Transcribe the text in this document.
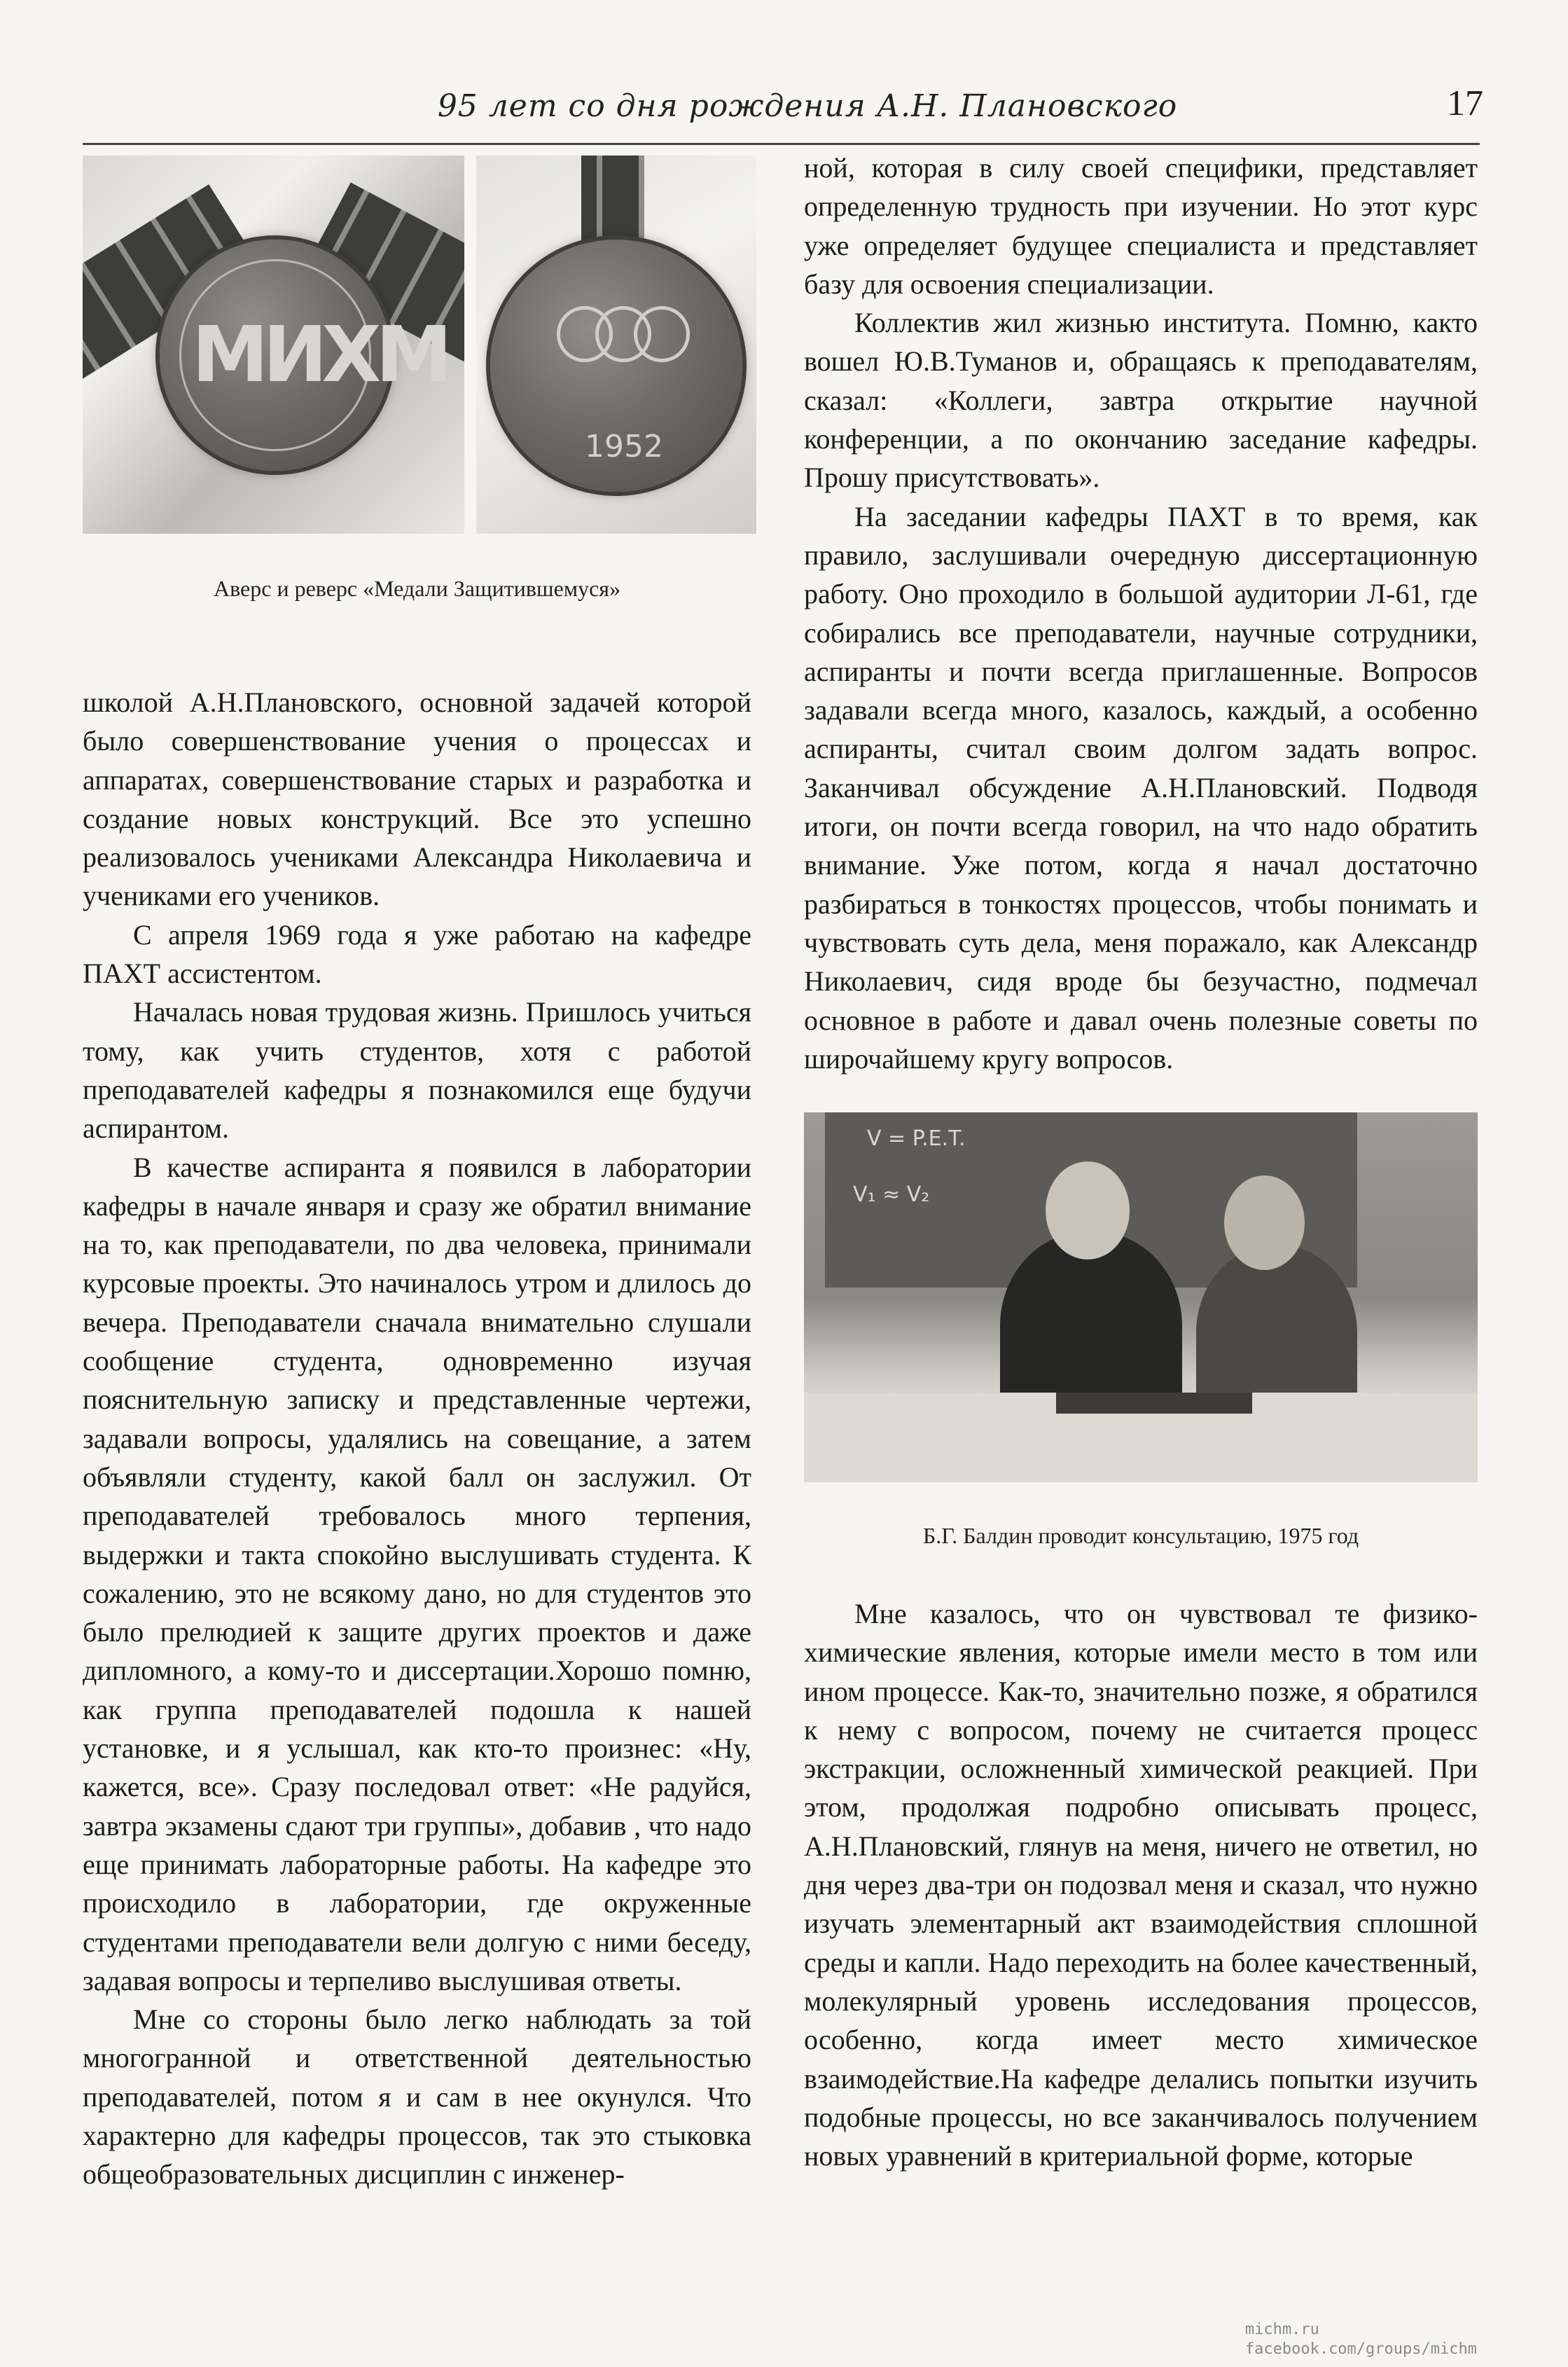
95 лет со дня рождения А.Н. Плановского	17
МИХМ
1952
Аверс и реверс «Медали Защитившемуся»

школой А.Н.Плановского, основной задачей которой было совершенствование учения о процессах и аппаратах, совершенствование старых и разработка и создание новых конструкций. Все это успешно реализовалось учениками Александра Николаевича и учениками его учеников.

С апреля 1969 года я уже работаю на кафедре ПАХТ ассистентом.

Началась новая трудовая жизнь. Пришлось учиться тому, как учить студентов, хотя с работой преподавателей кафедры я познакомился еще будучи аспирантом.

В качестве аспиранта я появился в лаборатории кафедры в начале января и сразу же обратил внимание на то, как преподаватели, по два человека, принимали курсовые проекты. Это начиналось утром и длилось до вечера. Преподаватели сначала внимательно слушали сообщение студента, одновременно изучая пояснительную записку и представленные чертежи, задавали вопросы, удалялись на совещание, а затем объявляли студенту, какой балл он заслужил. От преподавателей требовалось много терпения, выдержки и такта спокойно выслушивать студента. К сожалению, это не всякому дано, но для студентов это было прелюдией к защите других проектов и даже дипломного, а кому-то и диссертации.Хорошо помню, как группа преподавателей подошла к нашей установке, и я услышал, как кто-то произнес: «Ну, кажется, все». Сразу последовал ответ: «Не радуйся, завтра экзамены сдают три группы», добавив , что надо еще принимать лабораторные работы. На кафедре это происходило в лаборатории, где окруженные студентами преподаватели вели долгую с ними беседу, задавая вопросы и терпеливо выслушивая ответы.

Мне со стороны было легко наблюдать за той многогранной и ответственной деятельностью преподавателей, потом я и сам в нее окунулся. Что характерно для кафедры процессов, так это стыковка общеобразовательных дисциплин с инженер-

ной, которая в силу своей специфики, представляет определенную трудность при изучении. Но этот курс уже определяет будущее специалиста и представляет базу для освоения специализации.

Коллектив жил жизнью института. Помню, както вошел Ю.В.Туманов и, обращаясь к преподавателям, сказал: «Коллеги, завтра открытие научной конференции, а по окончанию заседание кафедры. Прошу присутствовать».

На заседании кафедры ПАХТ в то время, как правило, заслушивали очередную диссертационную работу. Оно проходило в большой аудитории Л-61, где собирались все преподаватели, научные сотрудники, аспиранты и почти всегда приглашенные. Вопросов задавали всегда много, казалось, каждый, а особенно аспиранты, считал своим долгом задать вопрос. Заканчивал обсуждение А.Н.Плановский. Подводя итоги, он почти всегда говорил, на что надо обратить внимание. Уже потом, когда я начал достаточно разбираться в тонкостях процессов, чтобы понимать и чувствовать суть дела, меня поражало, как Александр Николаевич, сидя вроде бы безучастно, подмечал основное в работе и давал очень полезные советы по широчайшему кругу вопросов.

V = P.E.T.
V₁ ≈ V₂
Б.Г. Балдин проводит консультацию, 1975 год

Мне казалось, что он чувствовал те физико-химические явления, которые имели место в том или ином процессе. Как-то, значительно позже, я обратился к нему с вопросом, почему не считается процесс экстракции, осложненный химической реакцией. При этом, продолжая подробно описывать процесс, А.Н.Плановский, глянув на меня, ничего не ответил, но дня через два-три он подозвал меня и сказал, что нужно изучать элементарный акт взаимодействия сплошной среды и капли. Надо переходить на более качественный, молекулярный уровень исследования процессов, особенно, когда имеет место химическое взаимодействие.На кафедре делались попытки изучить подобные процессы, но все заканчивалось получением новых уравнений в критериальной форме, которые

michm.ru
facebook.com/groups/michm
